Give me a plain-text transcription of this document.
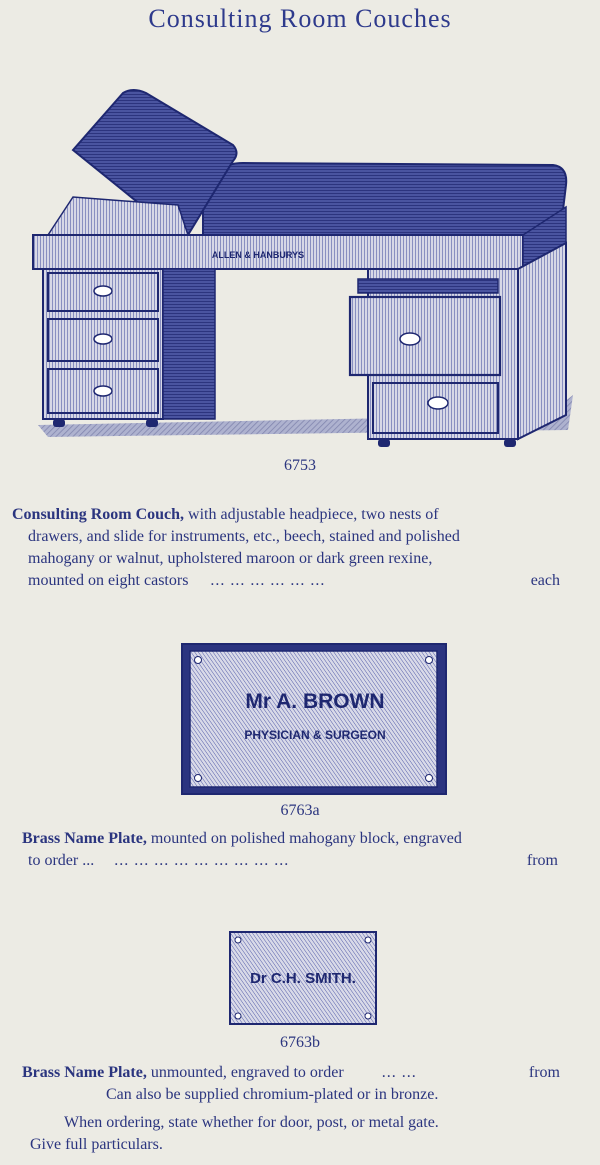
Consulting Room Couches
ALLEN & HANBURYS
6753
Consulting Room Couch, with adjustable headpiece, two nests of
drawers, and slide for instruments, etc., beech, stained and polished
mahogany or walnut, upholstered maroon or dark green rexine,
mounted on eight castors ... ... ... ... ... ...	each
Mr A. BROWN
PHYSICIAN & SURGEON
6763a
Brass Name Plate, mounted on polished mahogany block, engraved
to order ... ... ... ... ... ... ... ... ... ...	from
Dr C.H. SMITH.
6763b
Brass Name Plate, unmounted, engraved to order ... ...	from
Can also be supplied chromium-plated or in bronze.
When ordering, state whether for door, post, or metal gate.
Give full particulars.
